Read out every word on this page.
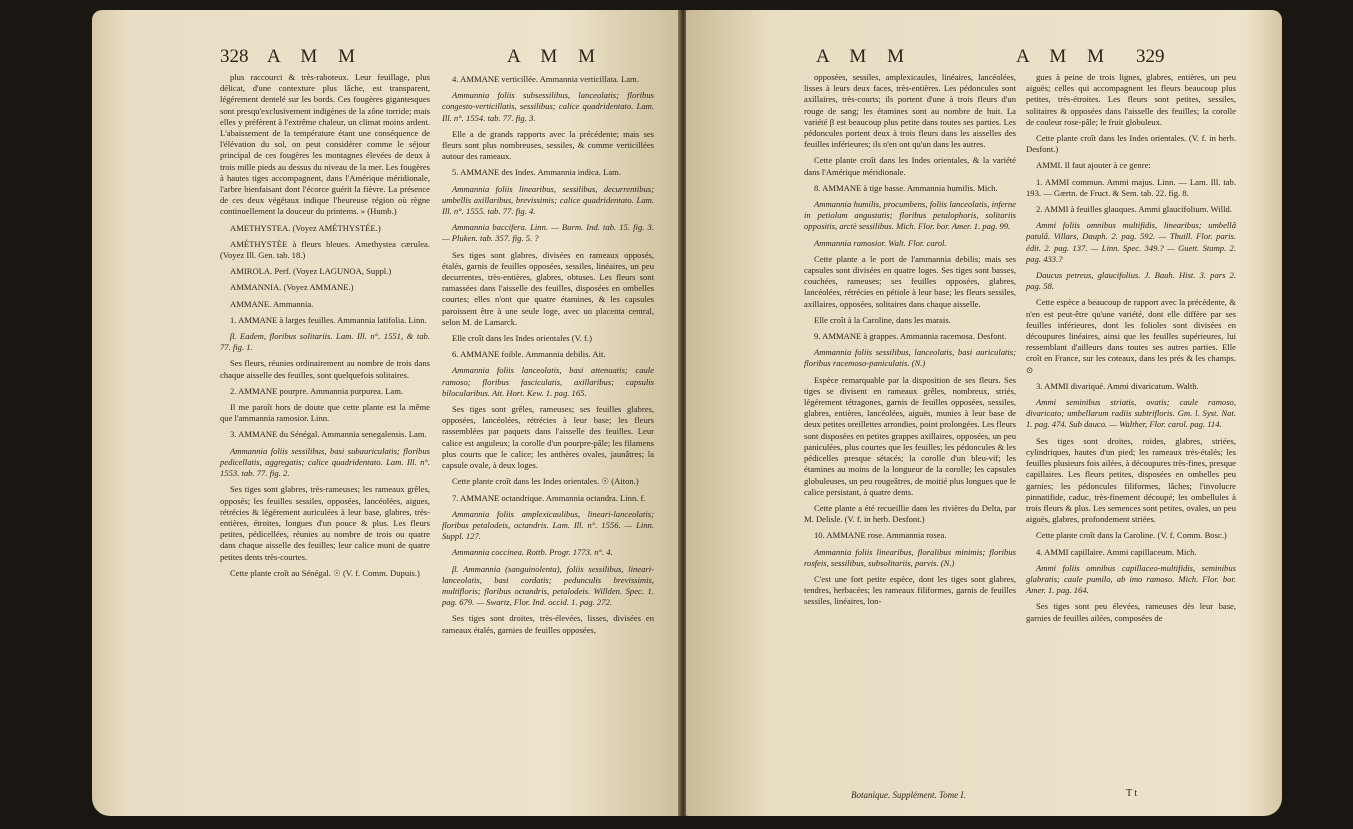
328 A M M	A M M

plus raccourci & très-raboteux. Leur feuillage, plus délicat, d'une contexture plus lâche, est transparent, légérement dentelé sur les bords. Ces fougères gigantesques sont presqu'exclusivement indigènes de la zône torride; mais elles y préfèrent à l'extrême chaleur, un climat moins ardent. L'abaissement de la température étant une conséquence de l'élévation du sol, on peut considérer comme le séjour principal de ces fougères les montagnes élevées de deux à trois mille pieds au dessus du niveau de la mer. Les fougères à hautes tiges accompagnent, dans l'Amérique méridionale, l'arbre bienfaisant dont l'écorce guérit la fièvre. La présence de ces deux végétaux indique l'heureuse région où règne continuellement la douceur du printems. » (Humb.)

AMETHYSTEA. (Voyez AMÉTHYSTÉE.)

AMÉTHYSTÉE à fleurs bleues. Amethystea cærulea. (Voyez Ill. Gen. tab. 18.)

AMIROLA. Perf. (Voyez LAGUNOA, Suppl.)

AMMANNIA. (Voyez AMMANE.)

AMMANE. Ammannia.

1. AMMANE à larges feuilles. Ammannia latifolia. Linn.

β. Eadem, floribus solitariis. Lam. Ill. n°. 1551, & tab. 77. fig. 1.

Ses fleurs, réunies ordinairement au nombre de trois dans chaque aisselle des feuilles, sont quelquefois solitaires.

2. AMMANE pourpre. Ammannia purpurea. Lam.

Il me paroît hors de doute que cette plante est la même que l'ammannia ramosior. Linn.

3. AMMANE du Sénégal. Ammannia senegalensis. Lam.

Ammannia foliis sessilibus, basi subauriculatis; floribus pedicellatis, aggregatis; calice quadridentato. Lam. Ill. n°. 1553. tab. 77. fig. 2.

Ses tiges sont glabres, très-rameuses; les rameaux grêles, opposés; les feuilles sessiles, opposées, lancéolées, aigues, rétrécies & légérement auriculées à leur base, glabres, très-entières, étroites, longues d'un pouce & plus. Les fleurs petites, pédicellées, réunies au nombre de trois ou quatre dans chaque aisselle des feuilles; leur calice muni de quatre petites dents très-courtes.

Cette plante croît au Sénégal. ☉ (V. f. Comm. Dupuis.)

4. AMMANE verticillée. Ammannia verticillata. Lam.

Ammannia foliis subsessilibus, lanceolatis; floribus congesto-verticillatis, sessilibus; calice quadridentato. Lam. Ill. n°. 1554. tab. 77. fig. 3.

Elle a de grands rapports avec la précédente; mais ses fleurs sont plus nombreuses, sessiles, & comme verticillées autour des rameaux.

5. AMMANE des Indes. Ammannia indica. Lam.

Ammannia foliis linearibus, sessilibus, decurrentibus; umbellis axillaribus, brevissimis; calice quadridentato. Lam. Ill. n°. 1555. tab. 77. fig. 4.

Ammannia baccifera. Linn. — Burm. Ind. tab. 15. fig. 3. — Pluken. tab. 357. fig. 5. ?

Ses tiges sont glabres, divisées en rameaux opposés, étalés, garnis de feuilles opposées, sessiles, linéaires, un peu decurrentes, très-entières, glabres, obtuses. Les fleurs sont ramassées dans l'aisselle des feuilles, disposées en ombelles courtes; elles n'ont que quatre étamines, & les capsules paroissent être à une seule loge, avec un placenta central, selon M. de Lamarck.

Elle croît dans les Indes orientales (V. f.)

6. AMMANE foible. Ammannia debilis. Ait.

Ammannia foliis lanceolatis, basi attenuatis; caule ramoso; floribus fasciculatis, axillaribus; capsulis bilocularibus. Ait. Hort. Kew. 1. pag. 165.

Ses tiges sont grêles, rameuses; ses feuilles glabres, opposées, lancéolées, rétrécies à leur base; les fleurs rassemblées par paquets dans l'aisselle des feuilles. Leur calice est anguleux; la corolle d'un pourpre-pâle; les filamens plus courts que le calice; les anthères ovales, jaunâtres; la capsule ovale, à deux loges.

Cette plante croît dans les Indes orientales. ☉ (Aiton.)

7. AMMANE octandrique. Ammannia octandra. Linn. f.

Ammannia foliis amplexicaulibus, lineari-lanceolatis; floribus petalodeis, octandris. Lam. Ill. n°. 1556. — Linn. Suppl. 127.

Ammannia coccinea. Rottb. Progr. 1773. n°. 4.

β. Ammannia (sanguinolenta), foliis sessilibus, lineari-lanceolatis, basi cordatis; pedunculis brevissimis, multifloris; floribus octandris, petalodeis. Willden. Spec. 1. pag. 679. — Swartz, Flor. Ind. occid. 1. pag. 272.

Ses tiges sont droites, très-élevées, lisses, divisées en rameaux étalés, garnies de feuilles opposées,

A M M	A M M 329

opposées, sessiles, amplexicaules, linéaires, lancéolées, lisses à leurs deux faces, très-entières. Les pédoncules sont axillaires, très-courts; ils portent d'une à trois fleurs d'un rouge de sang; les étamines sont au nombre de huit. La variété β est beaucoup plus petite dans toutes ses parties. Les pédoncules portent deux à trois fleurs dans les aisselles des feuilles inférieures; ils n'en ont qu'un dans les autres.

Cette plante croît dans les Indes orientales, & la variété dans l'Amérique méridionale.

8. AMMANE à tige basse. Ammannia humilis. Mich.

Ammannia humilis, procumbens, foliis lanceolatis, inferne in petiolum angustatis; floribus petalophoris, solitariis oppositis, arctè sessilibus. Mich. Flor. bor. Amer. 1. pag. 99.

Ammannia ramosior. Walt. Flor. carol.

Cette plante a le port de l'ammannia debilis; mais ses capsules sont divisées en quatre loges. Ses tiges sont basses, couchées, rameuses; ses feuilles opposées, glabres, lancéolées, rétrécies en pétiole à leur base; les fleurs sessiles, axillaires, opposées, solitaires dans chaque aisselle.

Elle croît à la Caroline, dans les marais.

9. AMMANE à grappes. Ammannia racemosa. Desfont.

Ammannia foliis sessilibus, lanceolatis, basi auriculatis; floribus racemoso-paniculatis. (N.)

Espèce remarquable par la disposition de ses fleurs. Ses tiges se divisent en rameaux grêles, nombreux, striés, légérement tétragones, garnis de feuilles opposées, sessiles, glabres, entières, lancéolées, aiguës, munies à leur base de deux petites oreillettes arrondies, point prolongées. Les fleurs sont disposées en petites grappes axillaires, opposées, un peu paniculées, plus courtes que les feuilles; les pédoncules & les pédicelles presque sétacés; la corolle d'un bleu-vif; les étamines au moins de la longueur de la corolle; les capsules globuleuses, un peu rougeâtres, de moitié plus longues que le calice persistant, à quatre dents.

Cette plante a été recueillie dans les rivières du Delta, par M. Delisle. (V. f. in herb. Desfont.)

10. AMMANE rose. Ammannia rosea.

Ammannia foliis linearibus, floralibus minimis; floribus rosfeis, sessilibus, subsolitariis, parvis. (N.)

C'est une fort petite espèce, dont les tiges sont glabres, tendres, herbacées; les rameaux filiformes, garnis de feuilles sessiles, linéaires, lon-

gues à peine de trois lignes, glabres, entières, un peu aiguës; celles qui accompagnent les fleurs beaucoup plus petites, très-étroites. Les fleurs sont petites, sessiles, solitaires & opposées dans l'aisselle des feuilles; la corolle de couleur rose-pâle; le fruit globuleux.

Cette plante croît dans les Indes orientales. (V. f. in herb. Desfont.)

AMMI. Il faut ajouter à ce genre:

1. AMMI commun. Ammi majus. Linn. — Lam. Ill. tab. 193. — Gærtn. de Fruct. & Sem. tab. 22. fig. 8.

2. AMMI à feuilles glauques. Ammi glaucifolium. Willd.

Ammi foliis omnibus multifidis, linearibus; umbellâ patulâ. Villars, Dauph. 2. pag. 592. — Thuill. Flor. paris. édit. 2. pag. 137. — Linn. Spec. 349.? — Guett. Stamp. 2. pag. 433.?

Daucus petreus, glaucifolius. J. Bauh. Hist. 3. pars 2. pag. 58.

Cette espèce a beaucoup de rapport avec la précédente, & n'en est peut-être qu'une variété, dont elle diffère par ses feuilles inférieures, dont les folioles sont divisées en découpures linéaires, ainsi que les feuilles supérieures, lui ressemblant d'ailleurs dans toutes ses autres parties. Elle croît en France, sur les coteaux, dans les prés & les champs. ⊙

3. AMMI divariqué. Ammi divaricatum. Walth.

Ammi seminibus striatis, ovatis; caule ramoso, divaricato; umbellarum radiis subtrifloris. Gm. l. Syst. Nat. 1. pag. 474. Sub dauco. — Walther, Flor. carol. pag. 114.

Ses tiges sont droites, roides, glabres, striées, cylindriques, hautes d'un pied; les rameaux très-étalés; les feuilles plusieurs fois ailées, à découpures très-fines, presque capillaires. Les fleurs petites, disposées en ombelles peu garnies; les pédoncules filiformes, lâches; l'involucre pinnatifide, caduc, très-finement découpé; les ombellules à trois fleurs & plus. Les semences sont petites, ovales, un peu aiguës, glabres, profondement striées.

Cette plante croît dans la Caroline. (V. f. Comm. Bosc.)

4. AMMI capillaire. Ammi capillaceum. Mich.

Ammi foliis omnibus capillaceo-multifidis, seminibus glabratis; caule pumilo, ab imo ramoso. Mich. Flor. bor. Amer. 1. pag. 164.

Ses tiges sont peu élevées, rameuses dès leur base, garnies de feuilles ailées, composées de

Botanique. Supplément. Tome I.	T t
